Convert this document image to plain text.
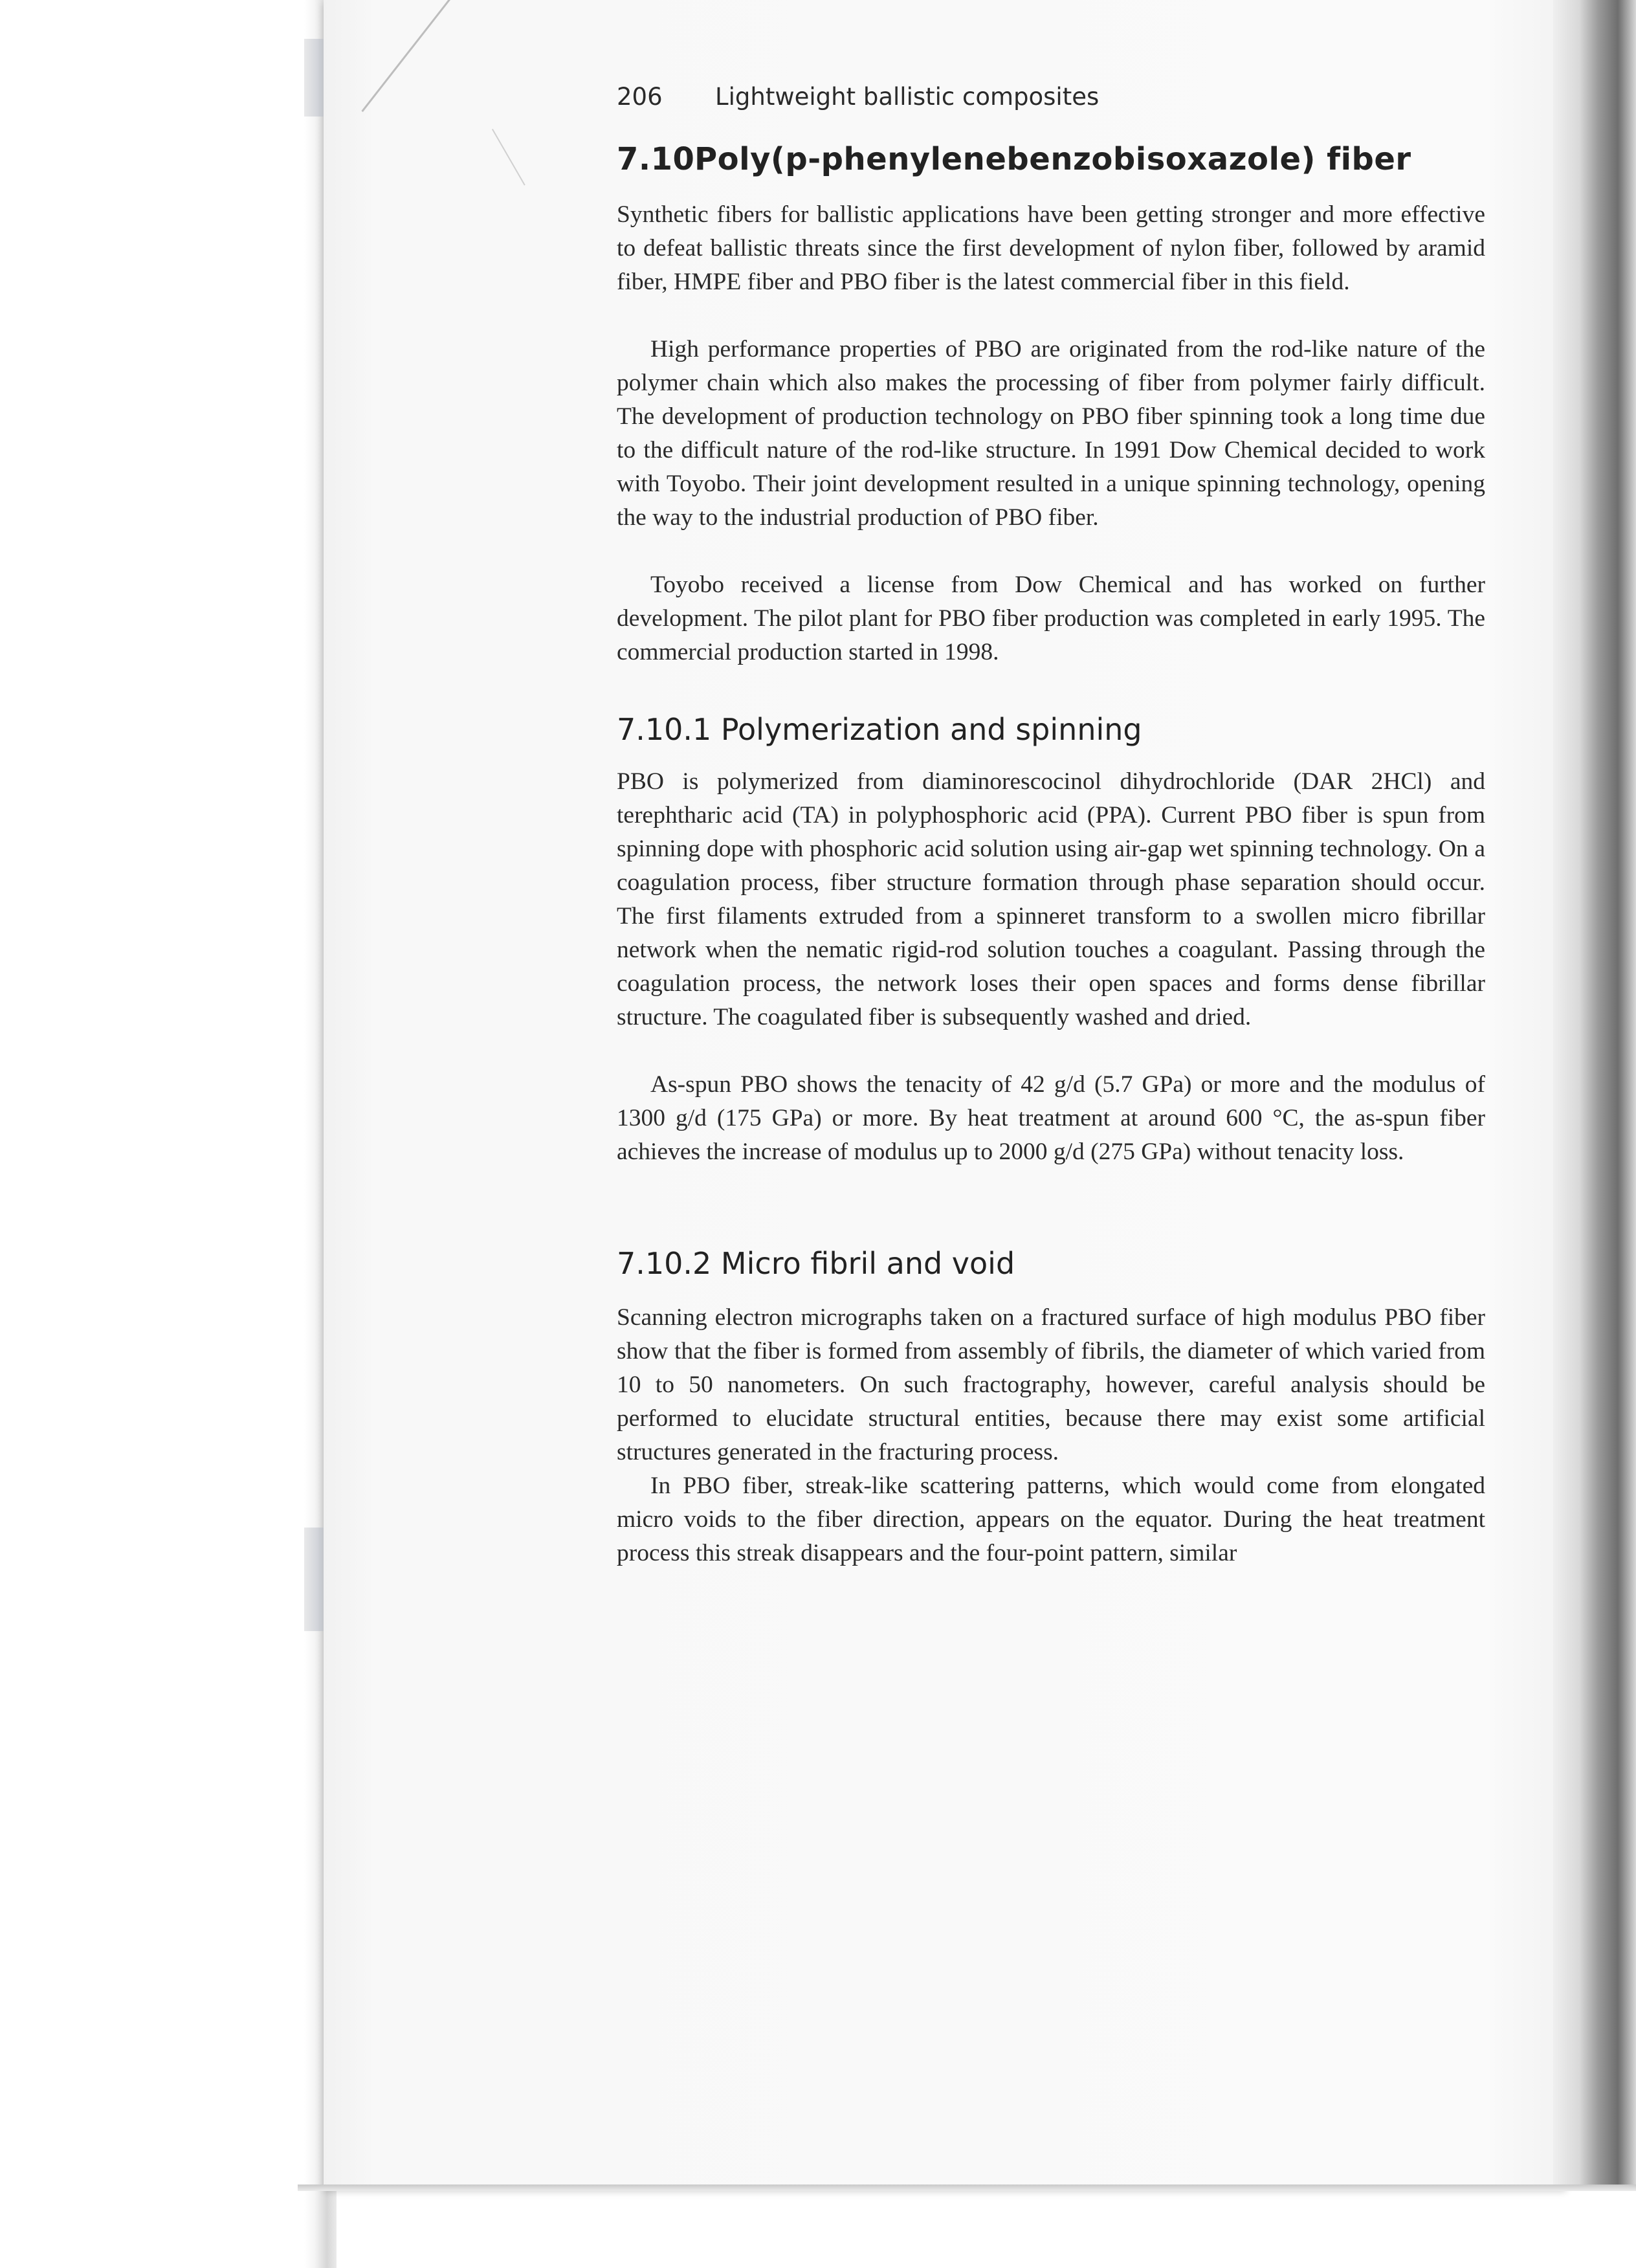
206 Lightweight ballistic composites
7.10Poly(p-phenylenebenzobisoxazole) fiber

Synthetic fibers for ballistic applications have been getting stronger and more effective to defeat ballistic threats since the first development of nylon fiber, followed by aramid fiber, HMPE fiber and PBO fiber is the latest commercial fiber in this field.

High performance properties of PBO are originated from the rod-like nature of the polymer chain which also makes the processing of fiber from polymer fairly difficult. The development of production technology on PBO fiber spinning took a long time due to the difficult nature of the rod-like structure. In 1991 Dow Chemical decided to work with Toyobo. Their joint development resulted in a unique spinning technology, opening the way to the industrial production of PBO fiber.

Toyobo received a license from Dow Chemical and has worked on further development. The pilot plant for PBO fiber production was completed in early 1995. The commercial production started in 1998.

7.10.1 Polymerization and spinning

PBO is polymerized from diaminorescocinol dihydrochloride (DAR 2HCl) and terephtharic acid (TA) in polyphosphoric acid (PPA). Current PBO fiber is spun from spinning dope with phosphoric acid solution using air-gap wet spinning technology. On a coagulation process, fiber structure formation through phase separation should occur. The first filaments extruded from a spinneret transform to a swollen micro fibrillar network when the nematic rigid-rod solution touches a coagulant. Passing through the coagulation process, the network loses their open spaces and forms dense fibrillar structure. The coagulated fiber is subsequently washed and dried.

As-spun PBO shows the tenacity of 42 g/d (5.7 GPa) or more and the modulus of 1300 g/d (175 GPa) or more. By heat treatment at around 600 °C, the as-spun fiber achieves the increase of modulus up to 2000 g/d (275 GPa) without tenacity loss.

7.10.2 Micro fibril and void

Scanning electron micrographs taken on a fractured surface of high modulus PBO fiber show that the fiber is formed from assembly of fibrils, the diameter of which varied from 10 to 50 nanometers. On such fractography, however, careful analysis should be performed to elucidate structural entities, because there may exist some artificial structures generated in the fracturing process.

In PBO fiber, streak-like scattering patterns, which would come from elongated micro voids to the fiber direction, appears on the equator. During the heat treatment process this streak disappears and the four-point pattern, similar
